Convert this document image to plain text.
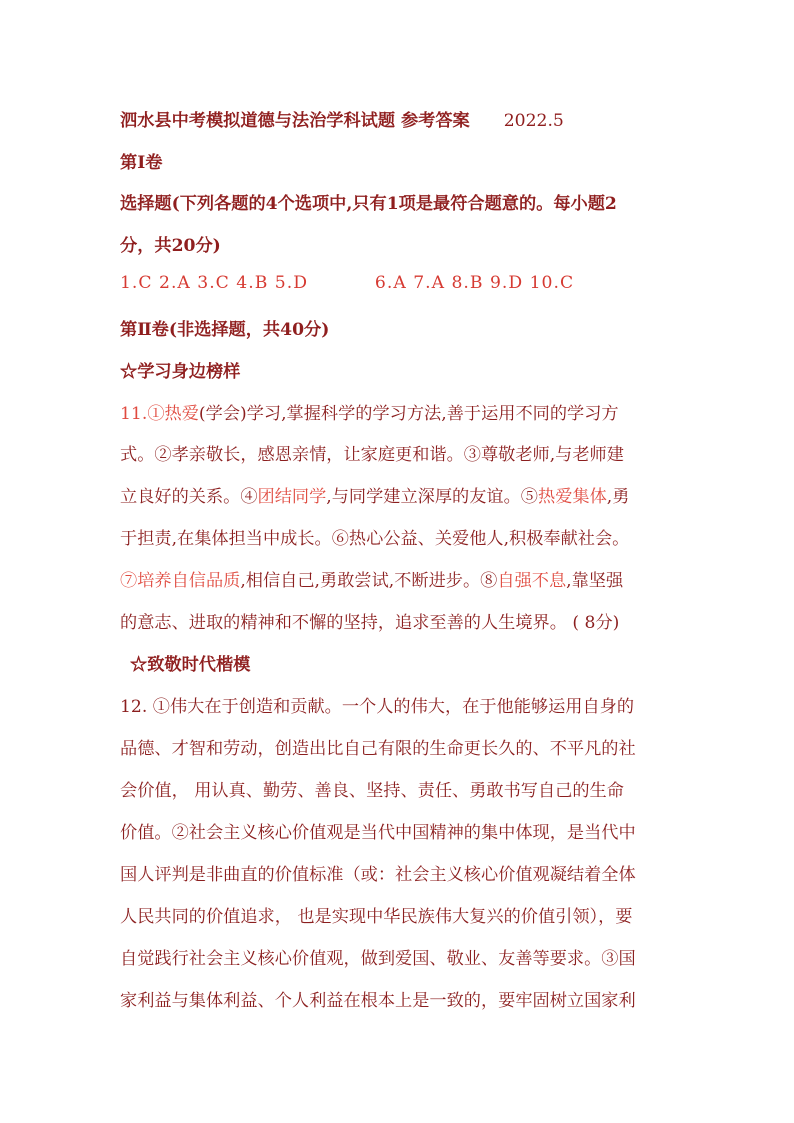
泗水县中考模拟道德与法治学科试题 参考答案 2022.5
第Ⅰ卷
选择题(下列各题的4个选项中,只有1项是最符合题意的。每小题2
分，共20分)
1.C 2.A 3.C 4.B 5.D	6.A 7.A 8.B 9.D 10.C
第Ⅱ卷(非选择题，共40分)
☆学习身边榜样
11.①热爱(学会)学习,掌握科学的学习方法,善于运用不同的学习方
式。②孝亲敬长，感恩亲情，让家庭更和谐。③尊敬老师,与老师建
立良好的关系。④团结同学,与同学建立深厚的友谊。⑤热爱集体,勇
于担责,在集体担当中成长。⑥热心公益、关爱他人,积极奉献社会。
⑦培养自信品质,相信自己,勇敢尝试,不断进步。⑧自强不息,靠坚强
的意志、进取的精神和不懈的坚持，追求至善的人生境界。 ( 8分)
☆致敬时代楷模
12. ①伟大在于创造和贡献。一个人的伟大，在于他能够运用自身的
品德、才智和劳动，创造出比自己有限的生命更长久的、不平凡的社
会价值， 用认真、勤劳、善良、坚持、责任、勇敢书写自己的生命
价值。②社会主义核心价值观是当代中国精神的集中体现，是当代中
国人评判是非曲直的价值标准（或：社会主义核心价值观凝结着全体
人民共同的价值追求， 也是实现中华民族伟大复兴的价值引领），要
自觉践行社会主义核心价值观，做到爱国、敬业、友善等要求。③国
家利益与集体利益、个人利益在根本上是一致的，要牢固树立国家利
